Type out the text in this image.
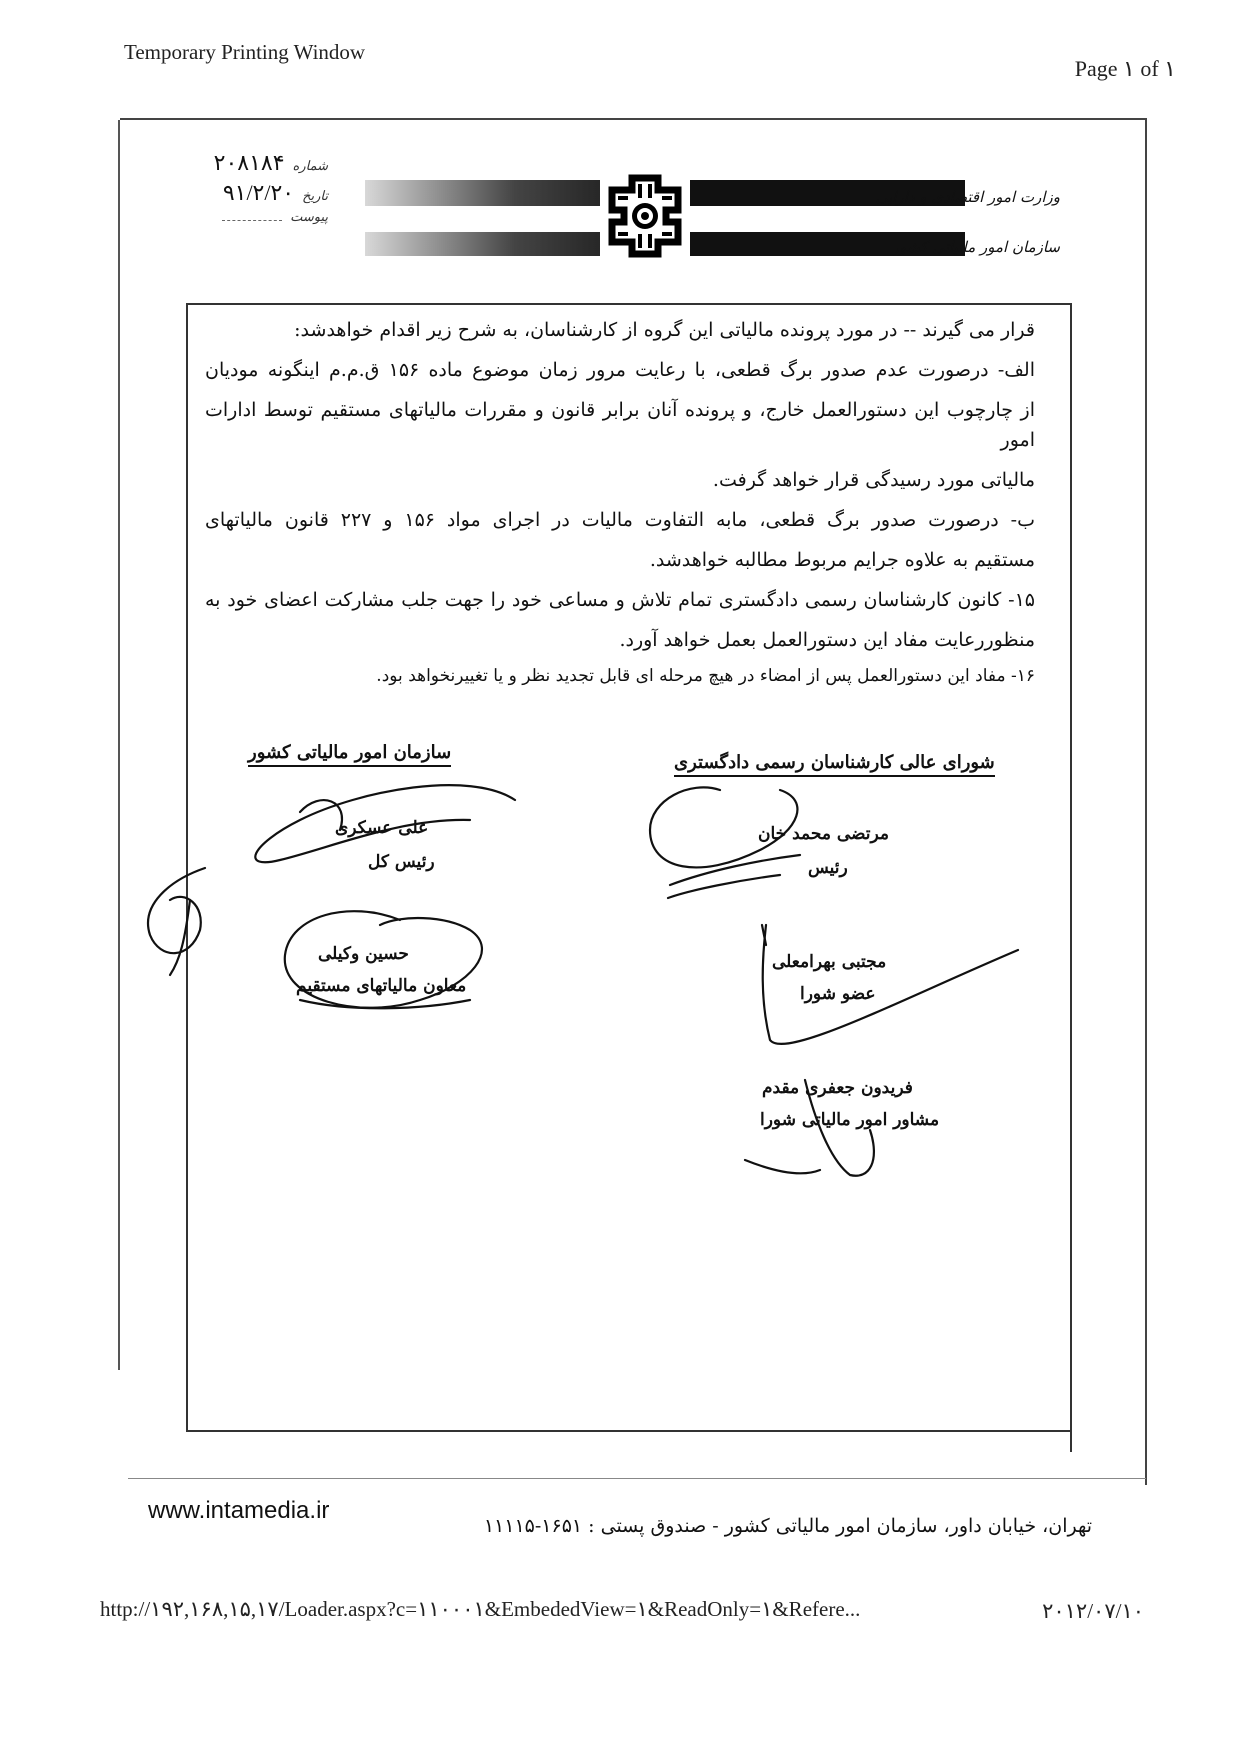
Temporary Printing Window
Page ۱ of ۱
شماره
۲۰۸۱۸۴
تاریخ
۹۱/۲/۲۰
پیوست
وزارت امور اقتصادی و دارایی
سازمان امور مالیاتی کشور

قرار می گیرند -- در مورد پرونده مالیاتی این گروه از کارشناسان، به شرح زیر اقدام خواهدشد:

الف- درصورت عدم صدور برگ قطعی، با رعایت مرور زمان موضوع ماده ۱۵۶ ق.م.م اینگونه مودیان

از چارچوب این دستورالعمل خارج، و پرونده آنان برابر قانون و مقررات مالیاتهای مستقیم توسط ادارات امور

مالیاتی مورد رسیدگی قرار خواهد گرفت.

ب- درصورت صدور برگ قطعی، مابه التفاوت مالیات در اجرای مواد ۱۵۶ و ۲۲۷ قانون مالیاتهای

مستقیم به علاوه جرایم مربوط مطالبه خواهدشد.

۱۵- کانون کارشناسان رسمی دادگستری تمام تلاش و مساعی خود را جهت جلب مشارکت اعضای خود به

منظوررعایت مفاد این دستورالعمل بعمل خواهد آورد.

۱۶- مفاد این دستورالعمل پس از امضاء در هیچ مرحله ای قابل تجدید نظر و یا تغییرنخواهد بود.

سازمان امور مالیاتی کشور	شورای عالی کارشناسان رسمی دادگستری
علی عسکری
رئیس کل
حسین وکیلی
معاون مالیاتهای مستقیم
مرتضی محمد خان
رئیس
مجتبی بهرامعلی
عضو شورا
فریدون جعفری مقدم
مشاور امور مالیاتی شورا
www.intamedia.ir
تهران، خیابان داور، سازمان امور مالیاتی کشور - صندوق پستی : ۱۶۵۱-۱۱۱۱۵
http://۱۹۲,۱۶۸,۱۵,۱۷/Loader.aspx?c=۱۱۰۰۰۱&EmbededView=۱&ReadOnly=۱&Refere...	۲۰۱۲/۰۷/۱۰
